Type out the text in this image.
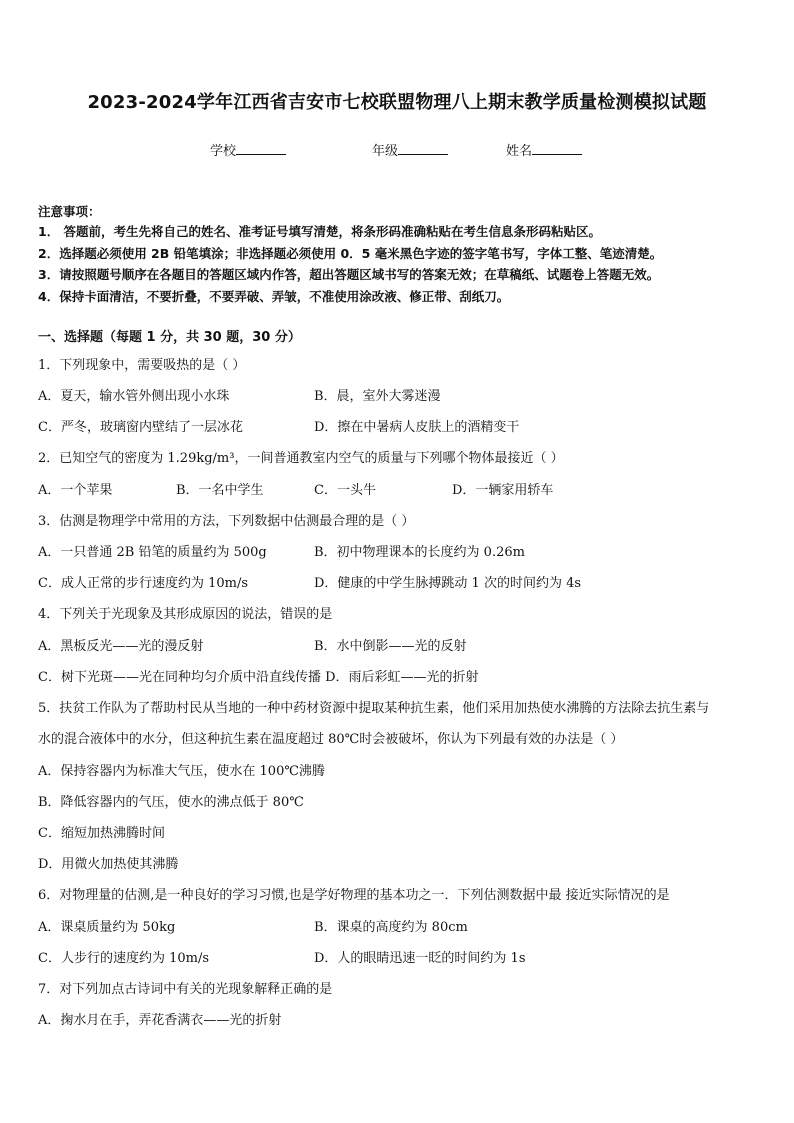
2023-2024学年江西省吉安市七校联盟物理八上期末教学质量检测模拟试题
学校	年级	姓名
注意事项：
1． 答题前，考生先将自己的姓名、准考证号填写清楚，将条形码准确粘贴在考生信息条形码粘贴区。
2．选择题必须使用 2B 铅笔填涂；非选择题必须使用 0．5 毫米黑色字迹的签字笔书写，字体工整、笔迹清楚。
3．请按照题号顺序在各题目的答题区域内作答，超出答题区域书写的答案无效；在草稿纸、试题卷上答题无效。
4．保持卡面清洁，不要折叠，不要弄破、弄皱，不准使用涂改液、修正带、刮纸刀。
一、选择题（每题 1 分，共 30 题，30 分）
1．下列现象中，需要吸热的是（ ）
A．夏天，输水管外侧出现小水珠	B．晨，室外大雾迷漫
C．严冬，玻璃窗内壁结了一层冰花	D．擦在中暑病人皮肤上的酒精变干
2．已知空气的密度为 1.29kg/m³，一间普通教室内空气的质量与下列哪个物体最接近（ ）
A．一个苹果	B．一名中学生	C．一头牛	D．一辆家用轿车
3．估测是物理学中常用的方法，下列数据中估测最合理的是（ ）
A．一只普通 2B 铅笔的质量约为 500g	B．初中物理课本的长度约为 0.26m
C．成人正常的步行速度约为 10m/s	D．健康的中学生脉搏跳动 1 次的时间约为 4s
4．下列关于光现象及其形成原因的说法，错误的是
A．黑板反光——光的漫反射	B．水中倒影——光的反射
C．树下光斑——光在同种均匀介质中沿直线传播 D．雨后彩虹——光的折射
5．扶贫工作队为了帮助村民从当地的一种中药材资源中提取某种抗生素，他们采用加热使水沸腾的方法除去抗生素与
水的混合液体中的水分，但这种抗生素在温度超过 80℃时会被破坏，你认为下列最有效的办法是（ ）
A．保持容器内为标准大气压，使水在 100℃沸腾
B．降低容器内的气压，使水的沸点低于 80℃
C．缩短加热沸腾时间
D．用微火加热使其沸腾
6．对物理量的估测,是一种良好的学习习惯,也是学好物理的基本功之一．下列估测数据中最 接近实际情况的是
A．课桌质量约为 50kg	B．课桌的高度约为 80cm
C．人步行的速度约为 10m/s	D．人的眼睛迅速一眨的时间约为 1s
7．对下列加点古诗词中有关的光现象解释正确的是
A．掬水月在手，弄花香满衣——光的折射
